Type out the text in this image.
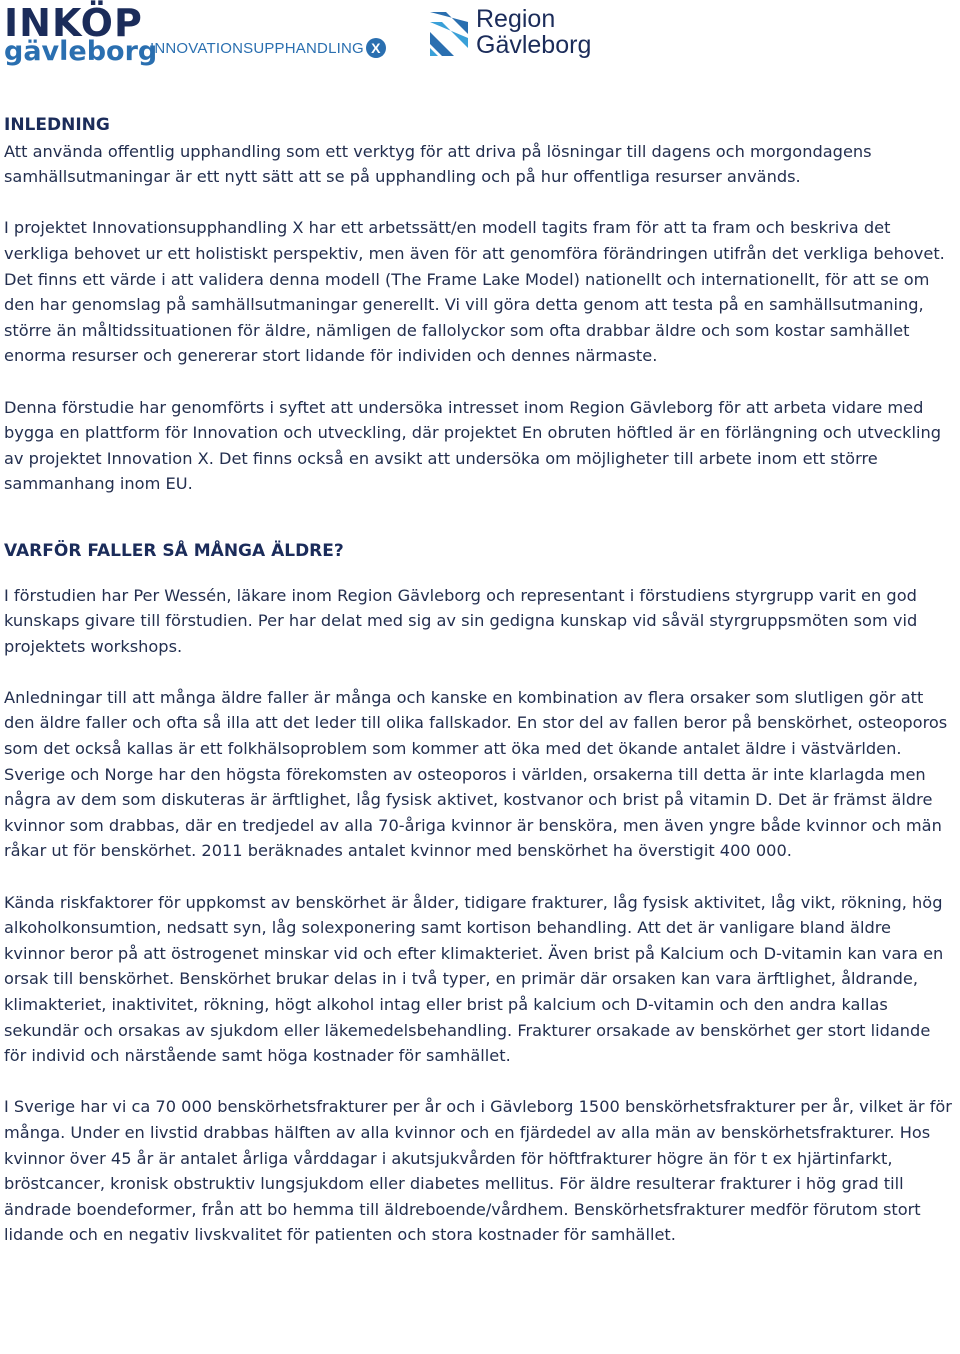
INKÖP
gävleborg
INNOVATIONSUPPHANDLING X
Region
Gävleborg
INLEDNING

Att använda offentlig upphandling som ett verktyg för att driva på lösningar till dagens och morgondagens samhällsutmaningar är ett nytt sätt att se på upphandling och på hur offentliga resurser används.

I projektet Innovationsupphandling X har ett arbetssätt/en modell tagits fram för att ta fram och beskriva det verkliga behovet ur ett holistiskt perspektiv, men även för att genomföra förändringen utifrån det verkliga behovet. Det finns ett värde i att validera denna modell (The Frame Lake Model) nationellt och internationellt, för att se om den har genomslag på samhällsutmaningar generellt. Vi vill göra detta genom att testa på en samhällsutmaning, större än måltidssituationen för äldre, nämligen de fallolyckor som ofta drabbar äldre och som kostar samhället enorma resurser och genererar stort lidande för individen och dennes närmaste.

Denna förstudie har genomförts i syftet att undersöka intresset inom Region Gävleborg för att arbeta vidare med bygga en plattform för Innovation och utveckling, där projektet En obruten höftled är en förlängning och utveckling av projektet Innovation X. Det finns också en avsikt att undersöka om möjligheter till arbete inom ett större sammanhang inom EU.

VARFÖR FALLER SÅ MÅNGA ÄLDRE?

I förstudien har Per Wessén, läkare inom Region Gävleborg och representant i förstudiens styrgrupp varit en god kunskaps givare till förstudien. Per har delat med sig av sin gedigna kunskap vid såväl styrgruppsmöten som vid projektets workshops.

Anledningar till att många äldre faller är många och kanske en kombination av flera orsaker som slutligen gör att den äldre faller och ofta så illa att det leder till olika fallskador. En stor del av fallen beror på benskörhet, osteoporos som det också kallas är ett folkhälsoproblem som kommer att öka med det ökande antalet äldre i västvärlden. Sverige och Norge har den högsta förekomsten av osteoporos i världen, orsakerna till detta är inte klarlagda men några av dem som diskuteras är ärftlighet, låg fysisk aktivet, kostvanor och brist på vitamin D. Det är främst äldre kvinnor som drabbas, där en tredjedel av alla 70-åriga kvinnor är bensköra, men även yngre både kvinnor och män råkar ut för benskörhet. 2011 beräknades antalet kvinnor med benskörhet ha överstigit 400 000.

Kända riskfaktorer för uppkomst av benskörhet är ålder, tidigare frakturer, låg fysisk aktivitet, låg vikt, rökning, hög alkoholkonsumtion, nedsatt syn, låg solexponering samt kortison behandling. Att det är vanligare bland äldre kvinnor beror på att östrogenet minskar vid och efter klimakteriet. Även brist på Kalcium och D-vitamin kan vara en orsak till benskörhet. Benskörhet brukar delas in i två typer, en primär där orsaken kan vara ärftlighet, åldrande, klimakteriet, inaktivitet, rökning, högt alkohol intag eller brist på kalcium och D-vitamin och den andra kallas sekundär och orsakas av sjukdom eller läkemedelsbehandling. Frakturer orsakade av benskörhet ger stort lidande för individ och närstående samt höga kostnader för samhället.

I Sverige har vi ca 70 000 benskörhetsfrakturer per år och i Gävleborg 1500 benskörhetsfrakturer per år, vilket är för många. Under en livstid drabbas hälften av alla kvinnor och en fjärdedel av alla män av benskörhetsfrakturer. Hos kvinnor över 45 år är antalet årliga vårddagar i akutsjukvården för höftfrakturer högre än för t ex hjärtinfarkt, bröstcancer, kronisk obstruktiv lungsjukdom eller diabetes mellitus. För äldre resulterar frakturer i hög grad till ändrade boendeformer, från att bo hemma till äldreboende/vårdhem. Benskörhetsfrakturer medför förutom stort lidande och en negativ livskvalitet för patienten och stora kostnader för samhället.
